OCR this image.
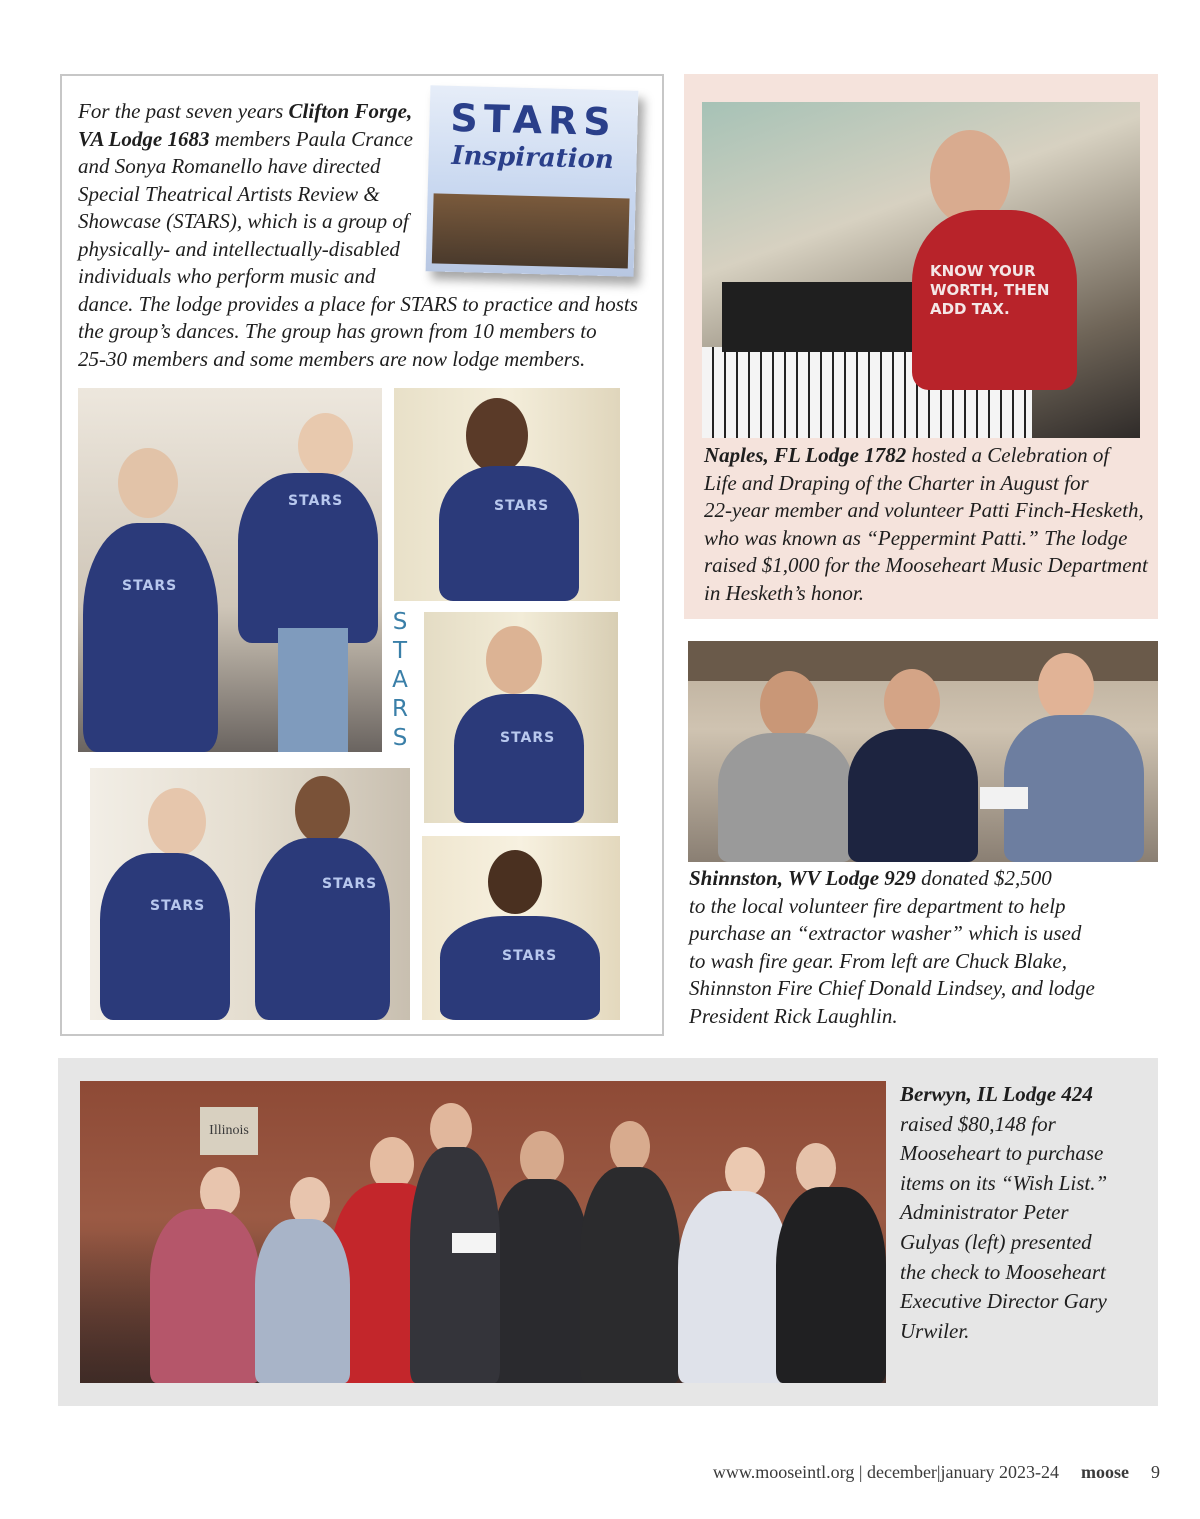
For the past seven years Clifton Forge,
VA Lodge 1683 members Paula Crance
and Sonya Romanello have directed
Special Theatrical Artists Review &
Showcase (STARS), which is a group of
physically- and intellectually-disabled
individuals who perform music and
dance. The lodge provides a place for STARS to practice and hosts
the group’s dances. The group has grown from 10 members to
25-30 members and some members are now lodge members.
STARS
Inspiration
STARS
STARS	STARS
S
T
A
R
S	STARS
STARS
STARS
STARS
KNOW YOUR WORTH, THEN ADD TAX.
Naples, FL Lodge 1782 hosted a Celebration of
Life and Draping of the Charter in August for
22-year member and volunteer Patti Finch-Hesketh,
who was known as “Peppermint Patti.” The lodge
raised $1,000 for the Mooseheart Music Department
in Hesketh’s honor.
Shinnston, WV Lodge 929 donated $2,500
to the local volunteer fire department to help
purchase an “extractor washer” which is used
to wash fire gear. From left are Chuck Blake,
Shinnston Fire Chief Donald Lindsey, and lodge
President Rick Laughlin.
Illinois
Berwyn, IL Lodge 424
raised $80,148 for
Mooseheart to purchase
items on its “Wish List.”
Administrator Peter
Gulyas (left) presented
the check to Mooseheart
Executive Director Gary
Urwiler.
www.mooseintl.org | december|january 2023-24 moose 9
